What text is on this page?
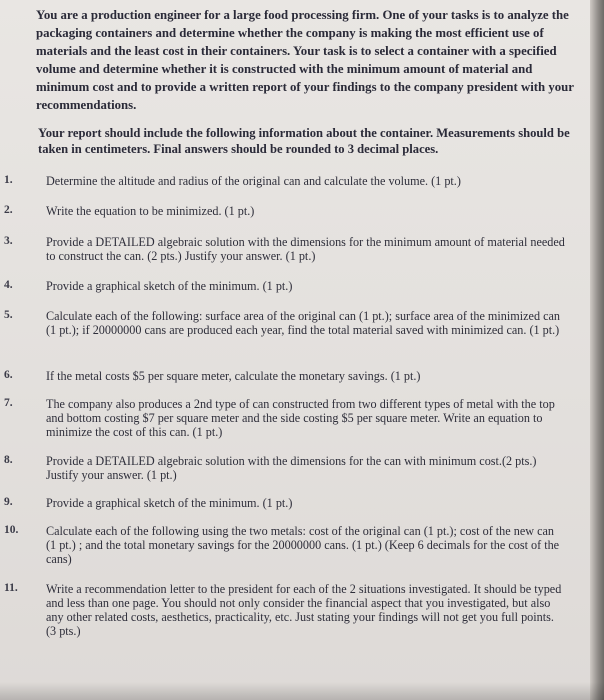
You are a production engineer for a large food processing firm. One of your tasks is to analyze the packaging containers and determine whether the company is making the most efficient use of materials and the least cost in their containers. Your task is to select a container with a specified volume and determine whether it is constructed with the minimum amount of material and minimum cost and to provide a written report of your findings to the company president with your recommendations.
Your report should include the following information about the container. Measurements should be taken in centimeters. Final answers should be rounded to 3 decimal places.
1.	Determine the altitude and radius of the original can and calculate the volume. (1 pt.)
2.	Write the equation to be minimized. (1 pt.)
3.	Provide a DETAILED algebraic solution with the dimensions for the minimum amount of material needed to construct the can. (2 pts.) Justify your answer. (1 pt.)
4.	Provide a graphical sketch of the minimum. (1 pt.)
5.	Calculate each of the following: surface area of the original can (1 pt.); surface area of the minimized can (1 pt.); if 20000000 cans are produced each year, find the total material saved with minimized can. (1 pt.)
6.	If the metal costs $5 per square meter, calculate the monetary savings. (1 pt.)
7.	The company also produces a 2nd type of can constructed from two different types of metal with the top and bottom costing $7 per square meter and the side costing $5 per square meter. Write an equation to minimize the cost of this can. (1 pt.)
8.	Provide a DETAILED algebraic solution with the dimensions for the can with minimum cost.(2 pts.) Justify your answer. (1 pt.)
9.	Provide a graphical sketch of the minimum. (1 pt.)
10.	Calculate each of the following using the two metals: cost of the original can (1 pt.); cost of the new can (1 pt.) ; and the total monetary savings for the 20000000 cans. (1 pt.) (Keep 6 decimals for the cost of the cans)
11.	Write a recommendation letter to the president for each of the 2 situations investigated. It should be typed and less than one page. You should not only consider the financial aspect that you investigated, but also any other related costs, aesthetics, practicality, etc. Just stating your findings will not get you full points. (3 pts.)
